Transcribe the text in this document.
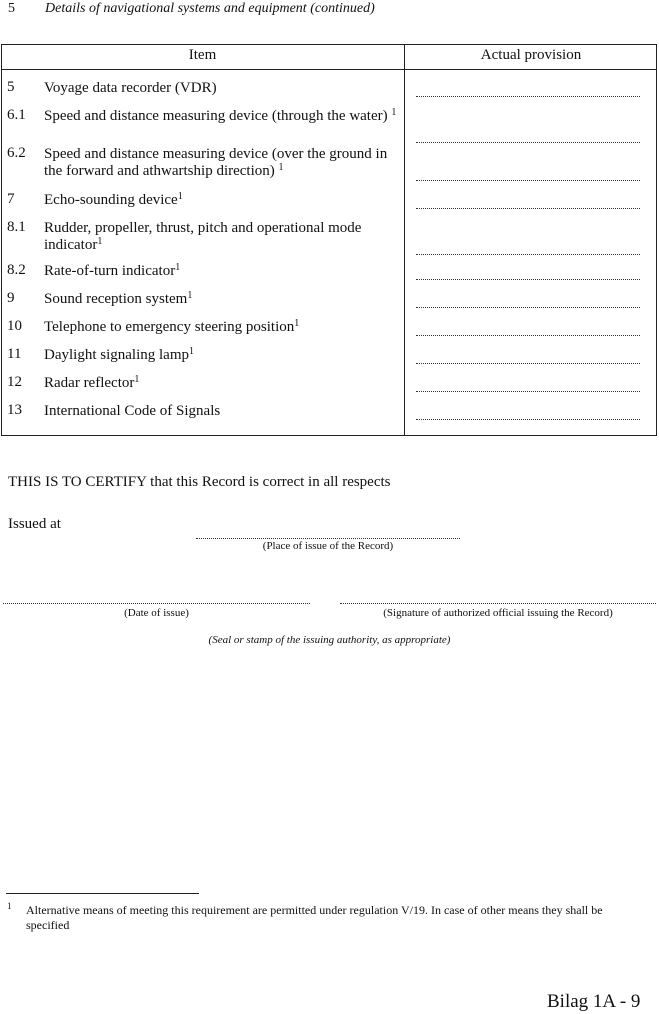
5 Details of navigational systems and equipment (continued)
Item	Actual provision
5 Voyage data recorder (VDR)
6.1 Speed and distance measuring device (through the water) $^1$
6.2 Speed and distance measuring device (over the ground in the forward and athwartship direction) $^1$
7 Echo-sounding device$^1$
8.1 Rudder, propeller, thrust, pitch and operational mode indicator$^1$
8.2 Rate-of-turn indicator$^1$
9 Sound reception system$^1$
10 Telephone to emergency steering position$^1$
11 Daylight signaling lamp$^1$
12 Radar reflector$^1$
13 International Code of Signals
THIS IS TO CERTIFY that this Record is correct in all respects
Issued at
(Place of issue of the Record)
(Date of issue)	(Signature of authorized official issuing the Record)
(Seal or stamp of the issuing authority, as appropriate)
1 Alternative means of meeting this requirement are permitted under regulation V/19. In case of other means they shall be specified
Bilag 1A - 9
